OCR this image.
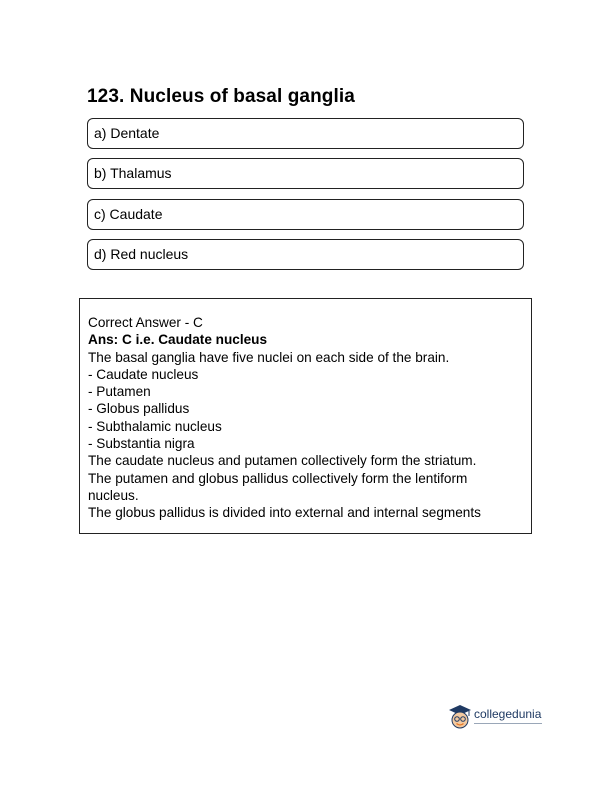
123. Nucleus of basal ganglia
a) Dentate
b) Thalamus
c) Caudate
d) Red nucleus
Correct Answer - C
Ans: C i.e. Caudate nucleus
The basal ganglia have five nuclei on each side of the brain.
- Caudate nucleus
- Putamen
- Globus pallidus
- Subthalamic nucleus
- Substantia nigra
The caudate nucleus and putamen collectively form the striatum.
The putamen and globus pallidus collectively form the lentiform
nucleus.
The globus pallidus is divided into external and internal segments
collegedunia
